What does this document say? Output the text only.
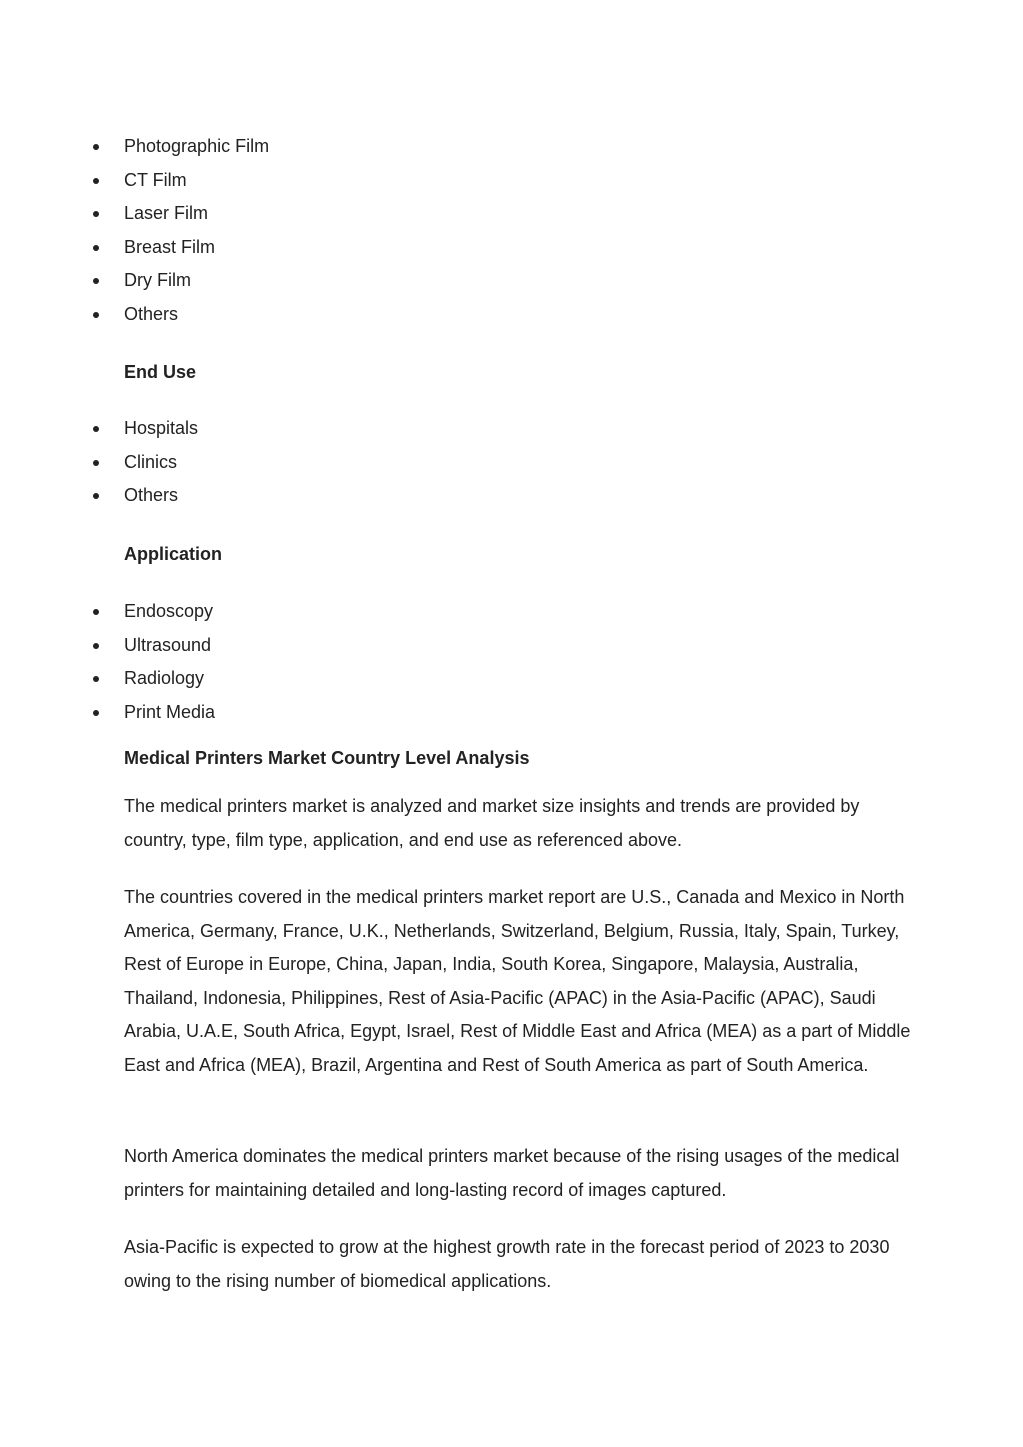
Photographic Film
CT Film
Laser Film
Breast Film
Dry Film
Others
End Use
Hospitals
Clinics
Others
Application
Endoscopy
Ultrasound
Radiology
Print Media
Medical Printers Market Country Level Analysis

The medical printers market is analyzed and market size insights and trends are provided by country, type, film type, application, and end use as referenced above.

The countries covered in the medical printers market report are U.S., Canada and Mexico in North America, Germany, France, U.K., Netherlands, Switzerland, Belgium, Russia, Italy, Spain, Turkey, Rest of Europe in Europe, China, Japan, India, South Korea, Singapore, Malaysia, Australia, Thailand, Indonesia, Philippines, Rest of Asia-Pacific (APAC) in the Asia-Pacific (APAC), Saudi Arabia, U.A.E, South Africa, Egypt, Israel, Rest of Middle East and Africa (MEA) as a part of Middle East and Africa (MEA), Brazil, Argentina and Rest of South America as part of South America.

North America dominates the medical printers market because of the rising usages of the medical printers for maintaining detailed and long-lasting record of images captured.

Asia-Pacific is expected to grow at the highest growth rate in the forecast period of 2023 to 2030 owing to the rising number of biomedical applications.
